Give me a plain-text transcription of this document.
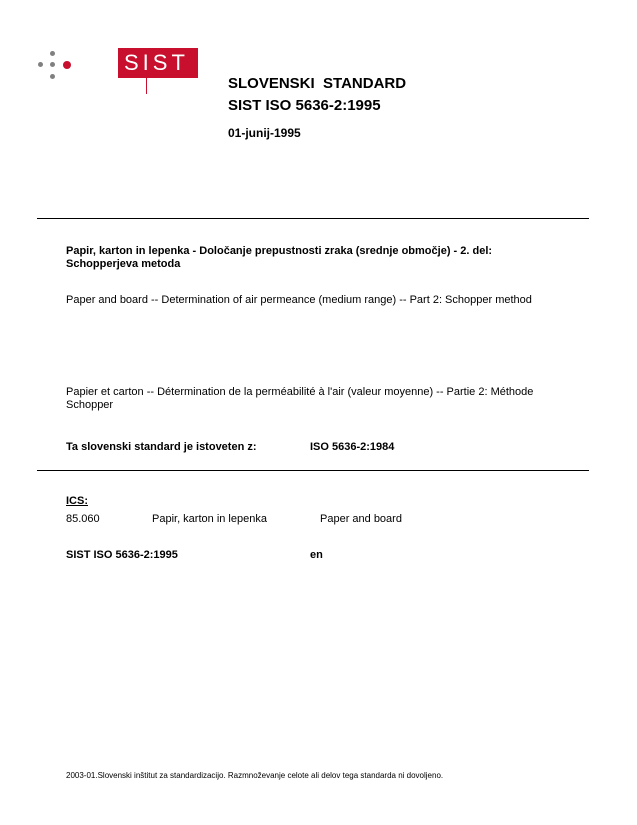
SIST
SLOVENSKI  STANDARD
SIST ISO 5636-2:1995
01-junij-1995
Papir, karton in lepenka - Določanje prepustnosti zraka (srednje območje) - 2. del: Schopperjeva metoda
Paper and board -- Determination of air permeance (medium range) -- Part 2: Schopper method
Papier et carton -- Détermination de la perméabilité à l'air (valeur moyenne) -- Partie 2: Méthode Schopper
Ta slovenski standard je istoveten z:	ISO 5636-2:1984
ICS:
85.060	Papir, karton in lepenka	Paper and board
SIST ISO 5636-2:1995	en
2003-01.Slovenski inštitut za standardizacijo. Razmnoževanje celote ali delov tega standarda ni dovoljeno.
